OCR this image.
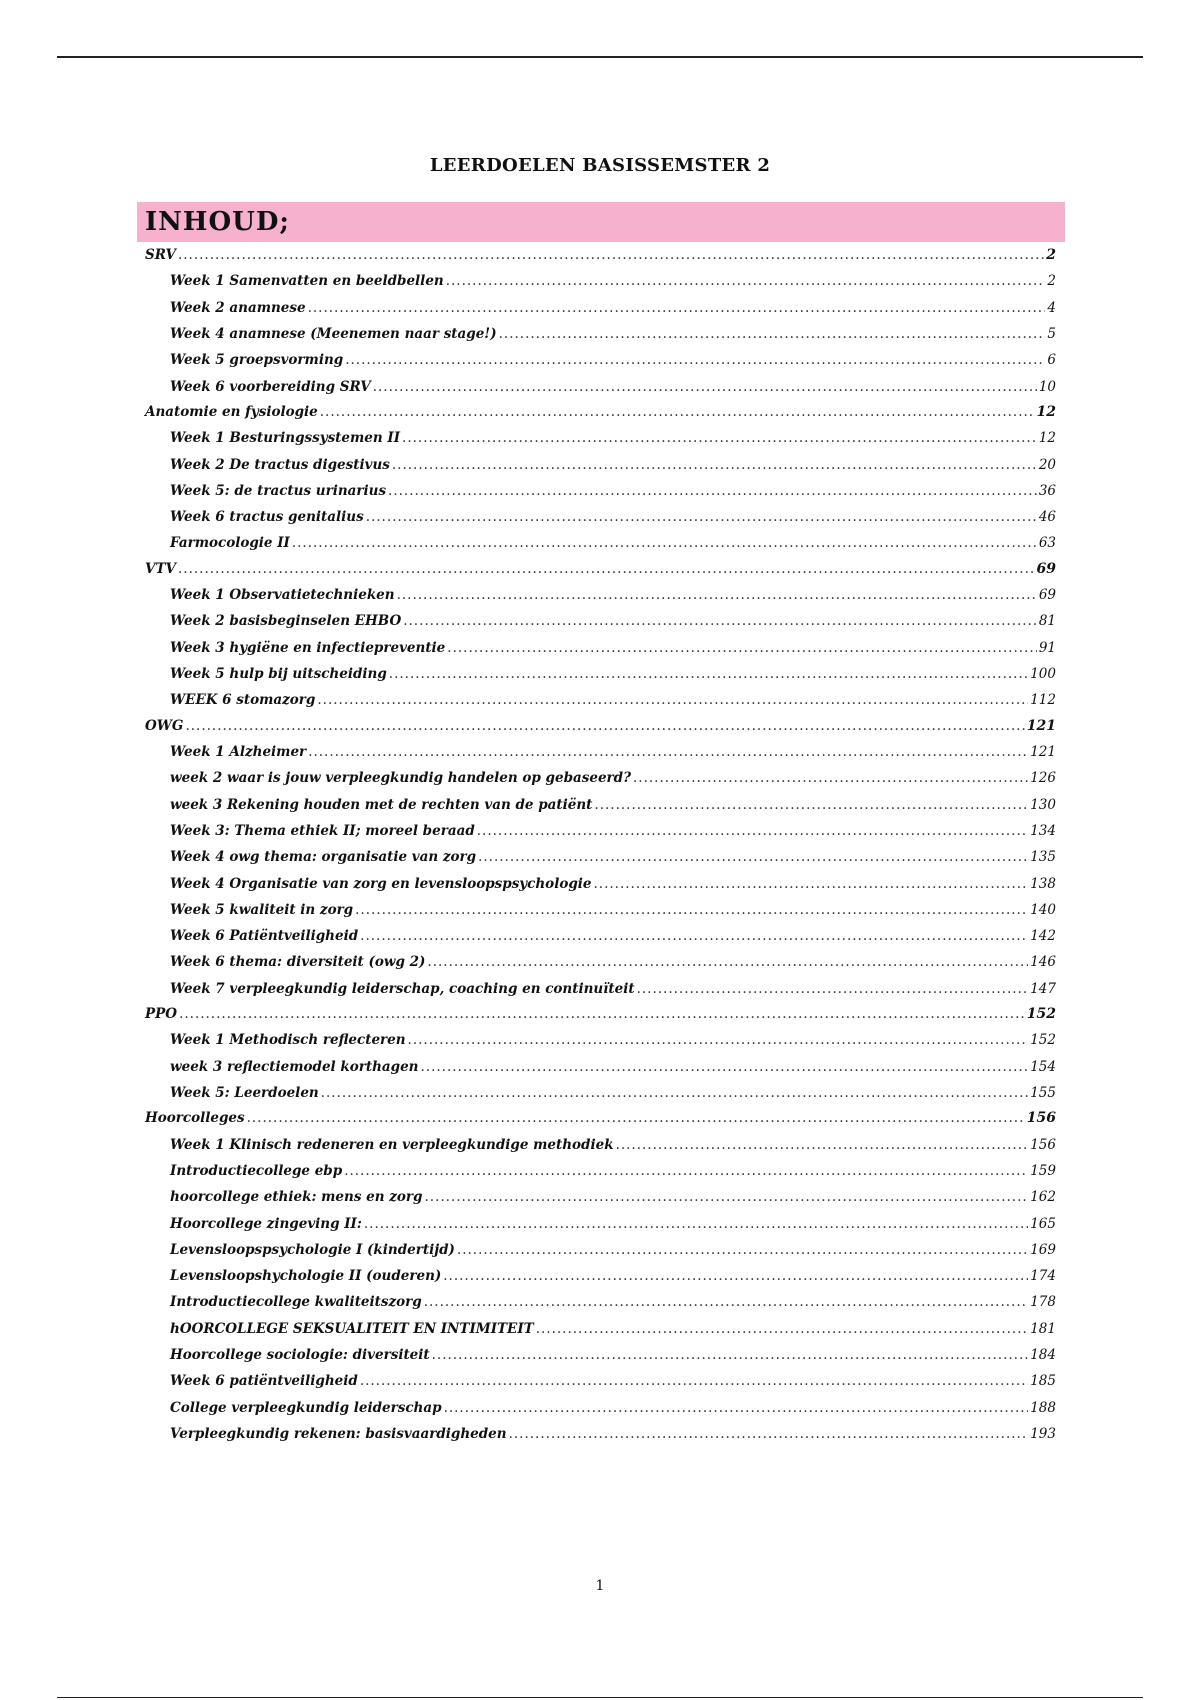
LEERDOELEN BASISSEMSTER 2
INHOUD;
SRV .....	2
Week 1 Samenvatten en beeldbellen .....	2
Week 2 anamnese .....	4
Week 4 anamnese (Meenemen naar stage!) .....	5
Week 5 groepsvorming .....	6
Week 6 voorbereiding SRV .....	10
Anatomie en fysiologie .....	12
Week 1 Besturingssystemen II .....	12
Week 2 De tractus digestivus .....	20
Week 5: de tractus urinarius .....	36
Week 6 tractus genitalius .....	46
Farmocologie II .....	63
VTV .....	69
Week 1 Observatietechnieken .....	69
Week 2 basisbeginselen EHBO .....	81
Week 3 hygiëne en infectiepreventie .....	91
Week 5 hulp bij uitscheiding .....	100
WEEK 6 stomazorg .....	112
OWG .....	121
Week 1 Alzheimer .....	121
week 2 waar is jouw verpleegkundig handelen op gebaseerd? .....	126
week 3 Rekening houden met de rechten van de patiënt .....	130
Week 3: Thema ethiek II; moreel beraad .....	134
Week 4 owg thema: organisatie van zorg .....	135
Week 4 Organisatie van zorg en levensloopspsychologie .....	138
Week 5 kwaliteit in zorg .....	140
Week 6 Patiëntveiligheid .....	142
Week 6 thema: diversiteit (owg 2) .....	146
Week 7 verpleegkundig leiderschap, coaching en continuïteit .....	147
PPO .....	152
Week 1 Methodisch reflecteren .....	152
week 3 reflectiemodel korthagen .....	154
Week 5: Leerdoelen .....	155
Hoorcolleges .....	156
Week 1 Klinisch redeneren en verpleegkundige methodiek .....	156
Introductiecollege ebp .....	159
hoorcollege ethiek: mens en zorg .....	162
Hoorcollege zingeving II: .....	165
Levensloopspsychologie I (kindertijd) .....	169
Levensloopshychologie II (ouderen) .....	174
Introductiecollege kwaliteitszorg .....	178
hOORCOLLEGE SEKSUALITEIT EN INTIMITEIT .....	181
Hoorcollege sociologie: diversiteit .....	184
Week 6 patiëntveiligheid .....	185
College verpleegkundig leiderschap .....	188
Verpleegkundig rekenen: basisvaardigheden .....	193
1
